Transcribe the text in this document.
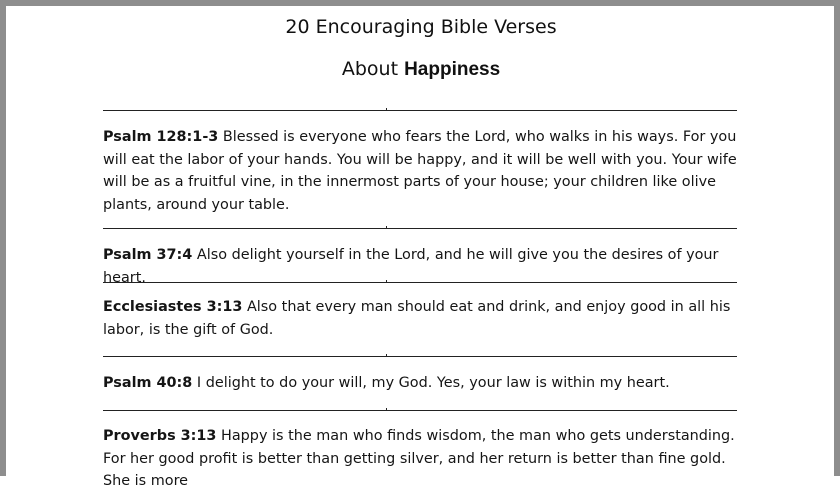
20 Encouraging Bible Verses
About Happiness
Psalm 128:1-3 Blessed is everyone who fears the Lord, who walks in his ways. For you will eat the labor of your hands. You will be happy, and it will be well with you. Your wife will be as a fruitful vine, in the innermost parts of your house; your children like olive plants, around your table.
Psalm 37:4 Also delight yourself in the Lord, and he will give you the desires of your heart.
Ecclesiastes 3:13 Also that every man should eat and drink, and enjoy good in all his labor, is the gift of God.
Psalm 40:8 I delight to do your will, my God. Yes, your law is within my heart.
Proverbs 3:13 Happy is the man who finds wisdom, the man who gets understanding. For her good profit is better than getting silver, and her return is better than fine gold. She is more
